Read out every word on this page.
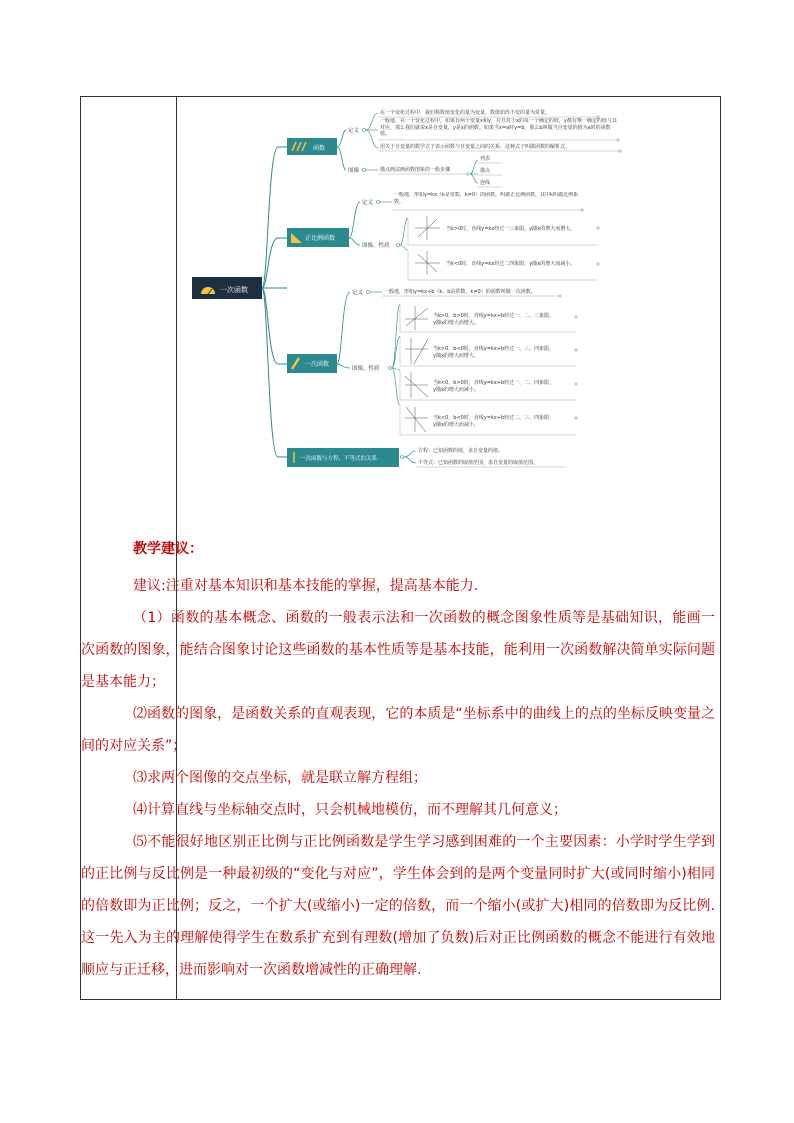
一次函数
函数
定义
在一个变化过程中，我们称数值变化的量为变量，数值始终不变的量为常量。
一般地，在一个变化过程中，如果有两个变量x和y，并且对于x的每一个确定的值，y都有唯一确定的值与其对应，那么我们就说x是自变量，y是x的函数。如果当x=a时y=b，那么b叫做当自变量的值为a时的函数值。
用关于自变量的数学式子表示函数与自变量之间的关系，这种式子叫做函数的解析式。
图像	描点画法画函数图象的一般步骤
列表
描点
连线
正比例函数
定义
一般地，形如y=kx（k是常数，k≠0）的函数，叫做正比例函数，其中k叫做比例系数。
图像、性质
当k>0时，直线y=kx经过一三象限，y随x的增大而增大。
当k<0时，直线y=kx经过二四象限，y随x的增大而减小。
一次函数
定义	一般地，形如y=kx+b（k、b是常数，k≠0）的函数叫做一次函数。
图像、性质
当k>0，b>0时，直线y=kx+b经过一、二、三象限，
y随x的增大而增大。
当k>0，b<0时，直线y=kx+b经过一、三、四象限，
y随x的增大而增大。
当k<0，b>0时，直线y=kx+b经过一、二、四象限，
y随x的增大而减小。
当k<0，b<0时，直线y=kx+b经过二、三、四象限，
y随x的增大而减小。
一次函数与方程、不等式的关系
方程：已知函数的值，求自变量的值。
不等式：已知函数的取值范围，求自变量的取值范围。
教学建议：

建议:注重对基本知识和基本技能的掌握，提高基本能力.

（1）函数的基本概念、函数的一般表示法和一次函数的概念图象性质等是基础知识，能画一次函数的图象，能结合图象讨论这些函数的基本性质等是基本技能，能利用一次函数解决简单实际问题是基本能力；

⑵函数的图象，是函数关系的直观表现，它的本质是“坐标系中的曲线上的点的坐标反映变量之间的对应关系”；

⑶求两个图像的交点坐标，就是联立解方程组；

⑷计算直线与坐标轴交点时，只会机械地模仿，而不理解其几何意义；

⑸不能很好地区别正比例与正比例函数是学生学习感到困难的一个主要因素：小学时学生学到的正比例与反比例是一种最初级的“变化与对应”，学生体会到的是两个变量同时扩大(或同时缩小)相同的倍数即为正比例；反之，一个扩大(或缩小)一定的倍数，而一个缩小(或扩大)相同的倍数即为反比例. 这一先入为主的理解使得学生在数系扩充到有理数(增加了负数)后对正比例函数的概念不能进行有效地顺应与正迁移，进而影响对一次函数增减性的正确理解.
